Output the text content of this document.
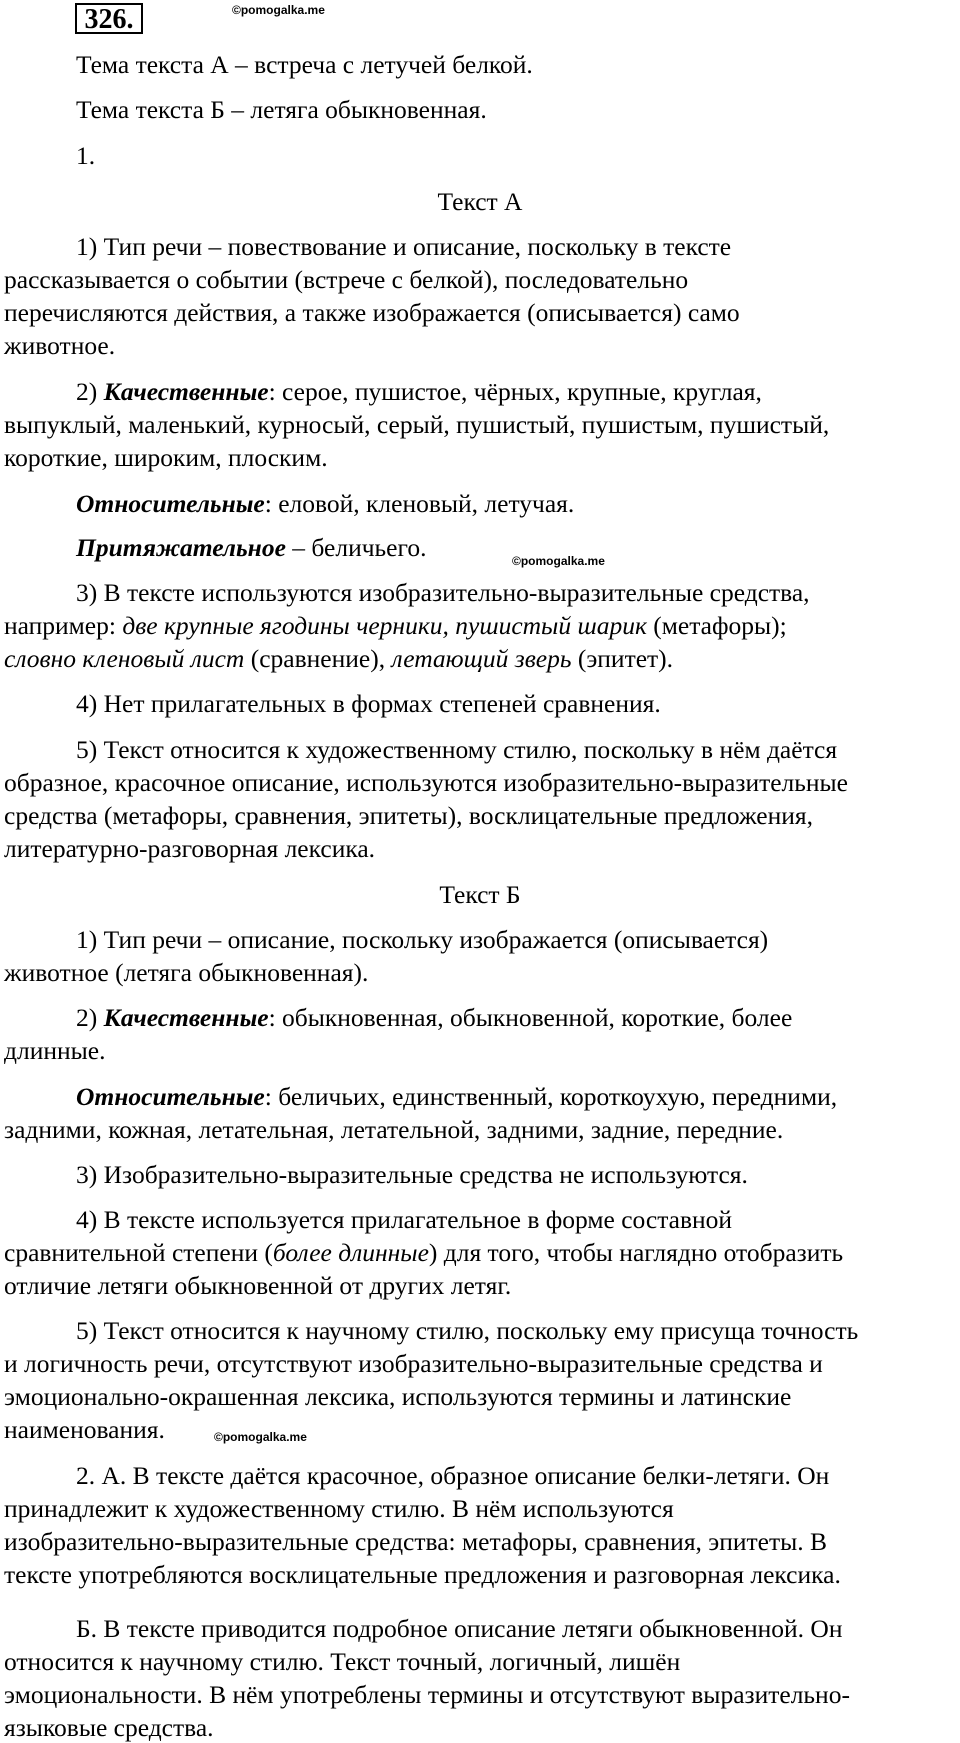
326.	©pomogalka.me
Тема текста А – встреча с летучей белкой.
Тема текста Б – летяга обыкновенная.
1.
Текст А
1) Тип речи – повествование и описание, поскольку в тексте
рассказывается о событии (встрече с белкой), последовательно
перечисляются действия, а также изображается (описывается) само
животное.
2) Качественные: серое, пушистое, чёрных, крупные, круглая,
выпуклый, маленький, курносый, серый, пушистый, пушистым, пушистый,
короткие, широким, плоским.
Относительные: еловой, кленовый, летучая.
Притяжательное – беличьего.	©pomogalka.me
3) В тексте используются изобразительно-выразительные средства,
например: две крупные ягодины черники, пушистый шарик (метафоры);
словно кленовый лист (сравнение), летающий зверь (эпитет).
4) Нет прилагательных в формах степеней сравнения.
5) Текст относится к художественному стилю, поскольку в нём даётся
образное, красочное описание, используются изобразительно-выразительные
средства (метафоры, сравнения, эпитеты), восклицательные предложения,
литературно-разговорная лексика.
Текст Б
1) Тип речи – описание, поскольку изображается (описывается)
животное (летяга обыкновенная).
2) Качественные: обыкновенная, обыкновенной, короткие, более
длинные.
Относительные: беличьих, единственный, короткоухую, передними,
задними, кожная, летательная, летательной, задними, задние, передние.
3) Изобразительно-выразительные средства не используются.
4) В тексте используется прилагательное в форме составной
сравнительной степени (более длинные) для того, чтобы наглядно отобразить
отличие летяги обыкновенной от других летяг.
5) Текст относится к научному стилю, поскольку ему присуща точность
и логичность речи, отсутствуют изобразительно-выразительные средства и
эмоционально-окрашенная лексика, используются термины и латинские
наименования.	©pomogalka.me
2. А. В тексте даётся красочное, образное описание белки-летяги. Он
принадлежит к художественному стилю. В нём используются
изобразительно-выразительные средства: метафоры, сравнения, эпитеты. В
тексте употребляются восклицательные предложения и разговорная лексика.
Б. В тексте приводится подробное описание летяги обыкновенной. Он
относится к научному стилю. Текст точный, логичный, лишён
эмоциональности. В нём употреблены термины и отсутствуют выразительно-
языковые средства.
